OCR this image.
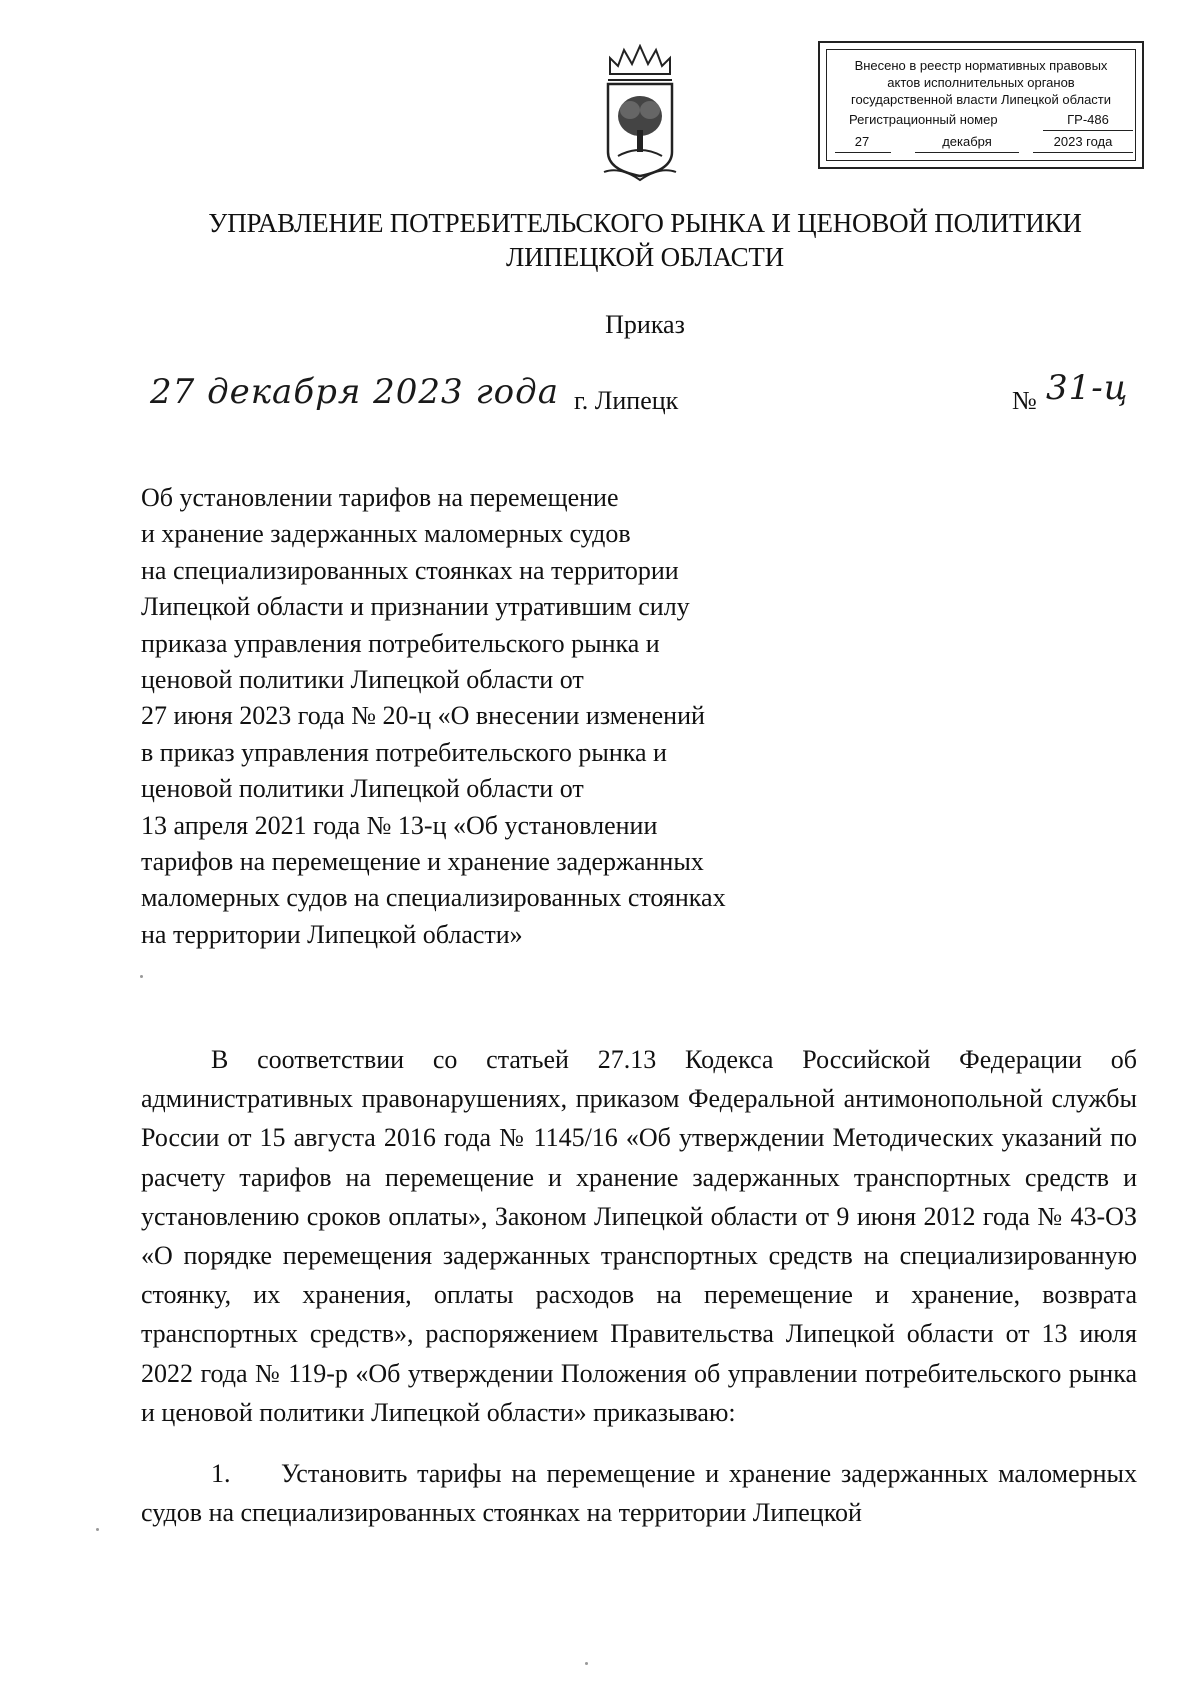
Внесено в реестр нормативных правовых
актов исполнительных органов
государственной власти Липецкой области
Регистрационный номер	ГР-486
27	декабря	2023 года
УПРАВЛЕНИЕ ПОТРЕБИТЕЛЬСКОГО РЫНКА И ЦЕНОВОЙ ПОЛИТИКИ
ЛИПЕЦКОЙ ОБЛАСТИ
Приказ
27 декабря 2023 года г. Липецк	№ 31-ц
Об установлении тарифов на перемещение
и хранение задержанных маломерных судов
на специализированных стоянках на территории
Липецкой области и признании утратившим силу
приказа управления потребительского рынка и
ценовой политики Липецкой области от
27 июня 2023 года № 20-ц «О внесении изменений
в приказ управления потребительского рынка и
ценовой политики Липецкой области от
13 апреля 2021 года № 13-ц «Об установлении
тарифов на перемещение и хранение задержанных
маломерных судов на специализированных стоянках
на территории Липецкой области»
В соответствии со статьей 27.13 Кодекса Российской Федерации об административных правонарушениях, приказом Федеральной антимонопольной службы России от 15 августа 2016 года № 1145/16 «Об утверждении Методических указаний по расчету тарифов на перемещение и хранение задержанных транспортных средств и установлению сроков оплаты», Законом Липецкой области от 9 июня 2012 года № 43-ОЗ «О порядке перемещения задержанных транспортных средств на специализированную стоянку, их хранения, оплаты расходов на перемещение и хранение, возврата транспортных средств», распоряжением Правительства Липецкой области от 13 июля 2022 года № 119-р «Об утверждении Положения об управлении потребительского рынка и ценовой политики Липецкой области» приказываю:
1. Установить тарифы на перемещение и хранение задержанных маломерных судов на специализированных стоянках на территории Липецкой
